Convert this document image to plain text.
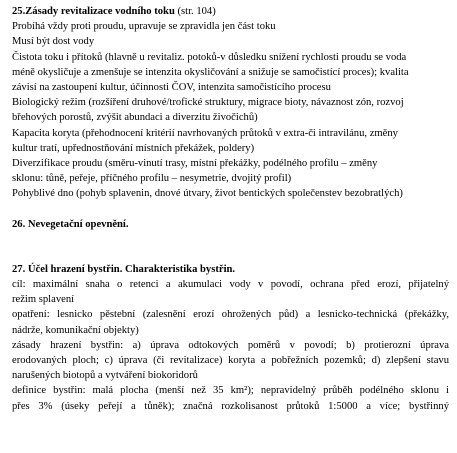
25.Zásady revitalizace vodního toku (str. 104)
Probíhá vždy proti proudu, upravuje se zpravidla jen část toku
Musí být dost vody
Čistota toku i přítoků (hlavně u revitaliz. potoků-v důsledku snížení rychlosti proudu se voda
méně okysličuje a zmenšuje se intenzita okysličování a snižuje se samočistící proces); kvalita
závisí na zastoupení kultur, účinnosti ČOV, intenzita samočistícího procesu
Biologický režim (rozšíření druhové/trofické struktury, migrace bioty, návaznost zón, rozvoj
břehových porostů, zvýšit abundaci a diverzitu živočichů)
Kapacita koryta (přehodnocení kritérií navrhovaných průtoků v extra-či intravilánu, změny
kultur tratí, upřednostňování místních překážek, poldery)
Diverzifikace proudu (směru-vinutí trasy, místní překážky, podélného profilu – změny
sklonu: tůně, peřeje, příčného profilu – nesymetrie, dvojitý profil)
Pohyblivé dno (pohyb splavenin, dnové útvary, život bentických společenstev bezobratlých)
26. Nevegetační opevnění.
27. Účel hrazení bystřin. Charakteristika bystřin.
cíl: maximální snaha o retenci a akumulaci vody v povodí, ochrana před erozí, přijatelný
režim splavení
opatření: lesnicko pěstební (zalesnění erozí ohrožených půd) a lesnicko-technická (překážky,
nádrže, komunikační objekty)
zásady hrazení bystřin: a) úprava odtokových poměrů v povodí; b) protierozní úprava
erodovaných ploch; c) úprava (či revitalizace) koryta a pobřežních pozemků; d) zlepšení stavu
narušených biotopů a vytváření biokoridorů
definice bystřin: malá plocha (menší než 35 km²); nepravidelný průběh podélného sklonu i
přes 3% (úseky peřejí a tůněk); značná rozkolisanost průtoků 1:5000 a více; bystřinný
